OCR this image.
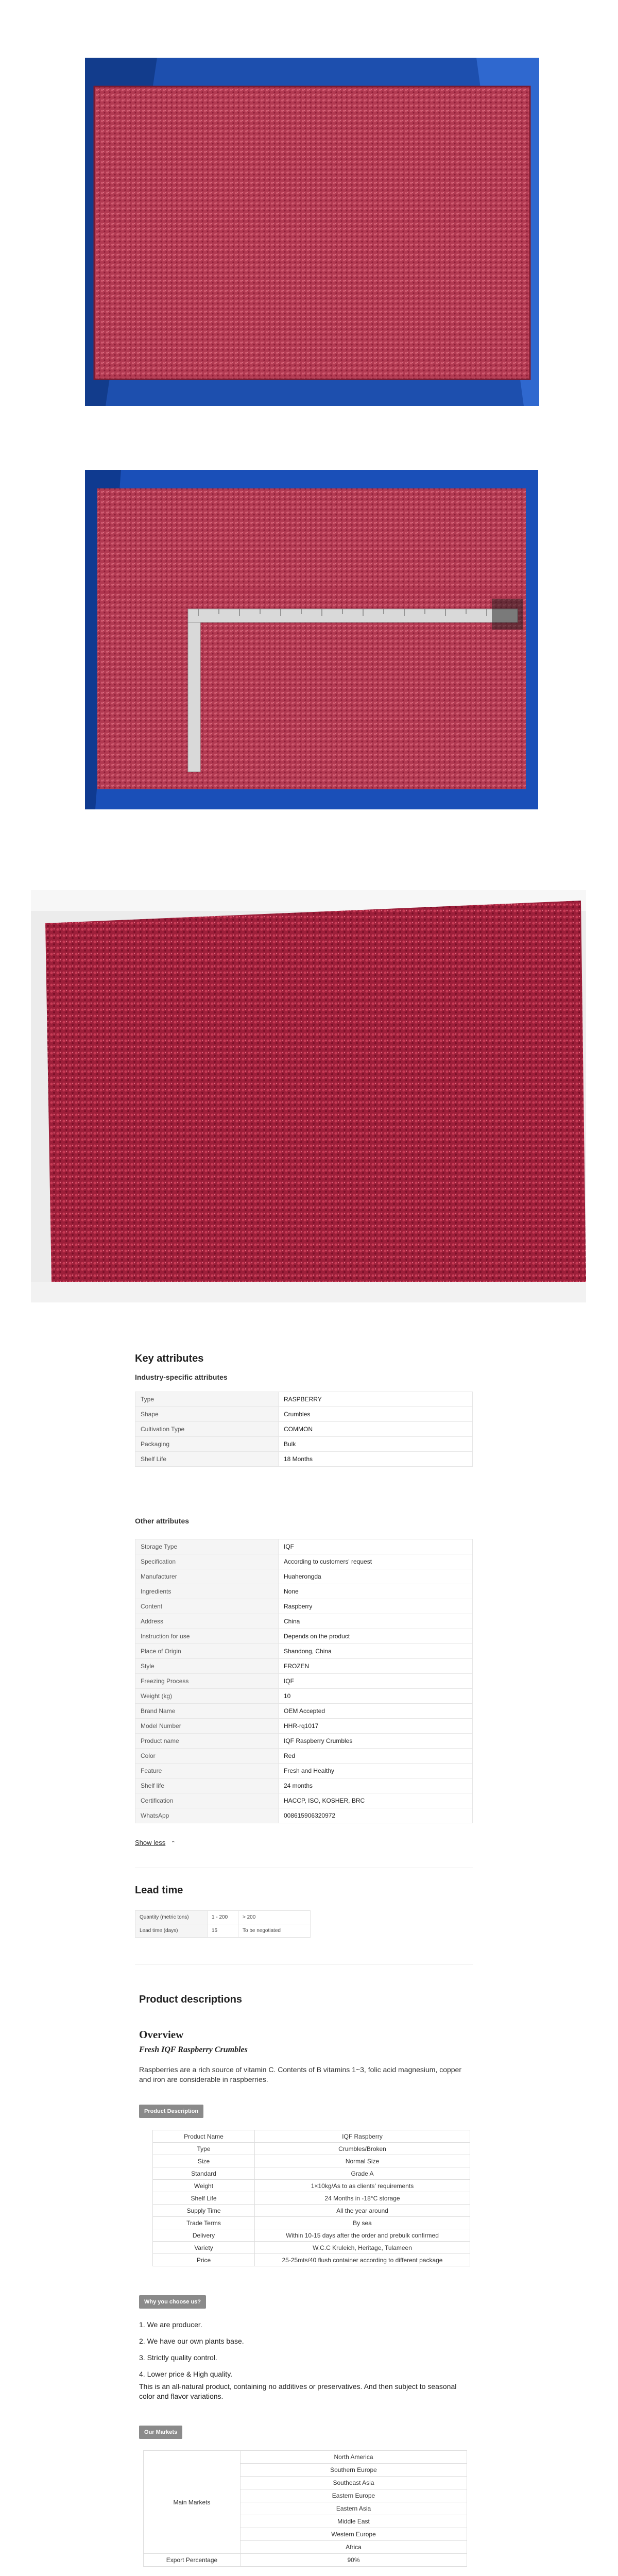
Key attributes
Industry-specific attributes
Type	RASPBERRY
Shape	Crumbles
Cultivation Type	COMMON
Packaging	Bulk
Shelf Life	18 Months
Other attributes
Storage Type	IQF
Specification	According to customers' request
Manufacturer	Huaherongda
Ingredients	None
Content	Raspberry
Address	China
Instruction for use	Depends on the product
Place of Origin	Shandong, China
Style	FROZEN
Freezing Process	IQF
Weight (kg)	10
Brand Name	OEM Accepted
Model Number	HHR-rq1017
Product name	IQF Raspberry Crumbles
Color	Red
Feature	Fresh and Healthy
Shelf life	24 months
Certification	HACCP, ISO, KOSHER, BRC
WhatsApp	008615906320972
Show less ⌃
Lead time
Quantity (metric tons)	1 - 200	> 200
Lead time (days)	15	To be negotiated
Product descriptions
Overview
Fresh IQF Raspberry Crumbles
Raspberries are a rich source of vitamin C. Contents of B vitamins 1~3, folic acid magnesium, copper and iron are considerable in raspberries.
Product Description
Product Name	IQF Raspberry
Type	Crumbles/Broken
Size	Normal Size
Standard	Grade A
Weight	1×10kg/As to as clients' requirements
Shelf Life	24 Months in -18°C storage
Supply Time	All the year around
Trade Terms	By sea
Delivery	Within 10-15 days after the order and prebulk confirmed
Variety	W.C.C Kruleich, Heritage, Tulameen
Price	25-25mts/40 flush container according to different package
Why you choose us?
1. We are producer.
2. We have our own plants base.
3. Strictly quality control.
4. Lower price & High quality.
This is an all-natural product, containing no additives or preservatives. And then subject to seasonal color and flavor variations.
Our Markets
Main Markets	North America
	Southern Europe
	Southeast Asia
	Eastern Europe
	Eastern Asia
	Middle East
	Western Europe
	Africa
Export Percentage	90%
